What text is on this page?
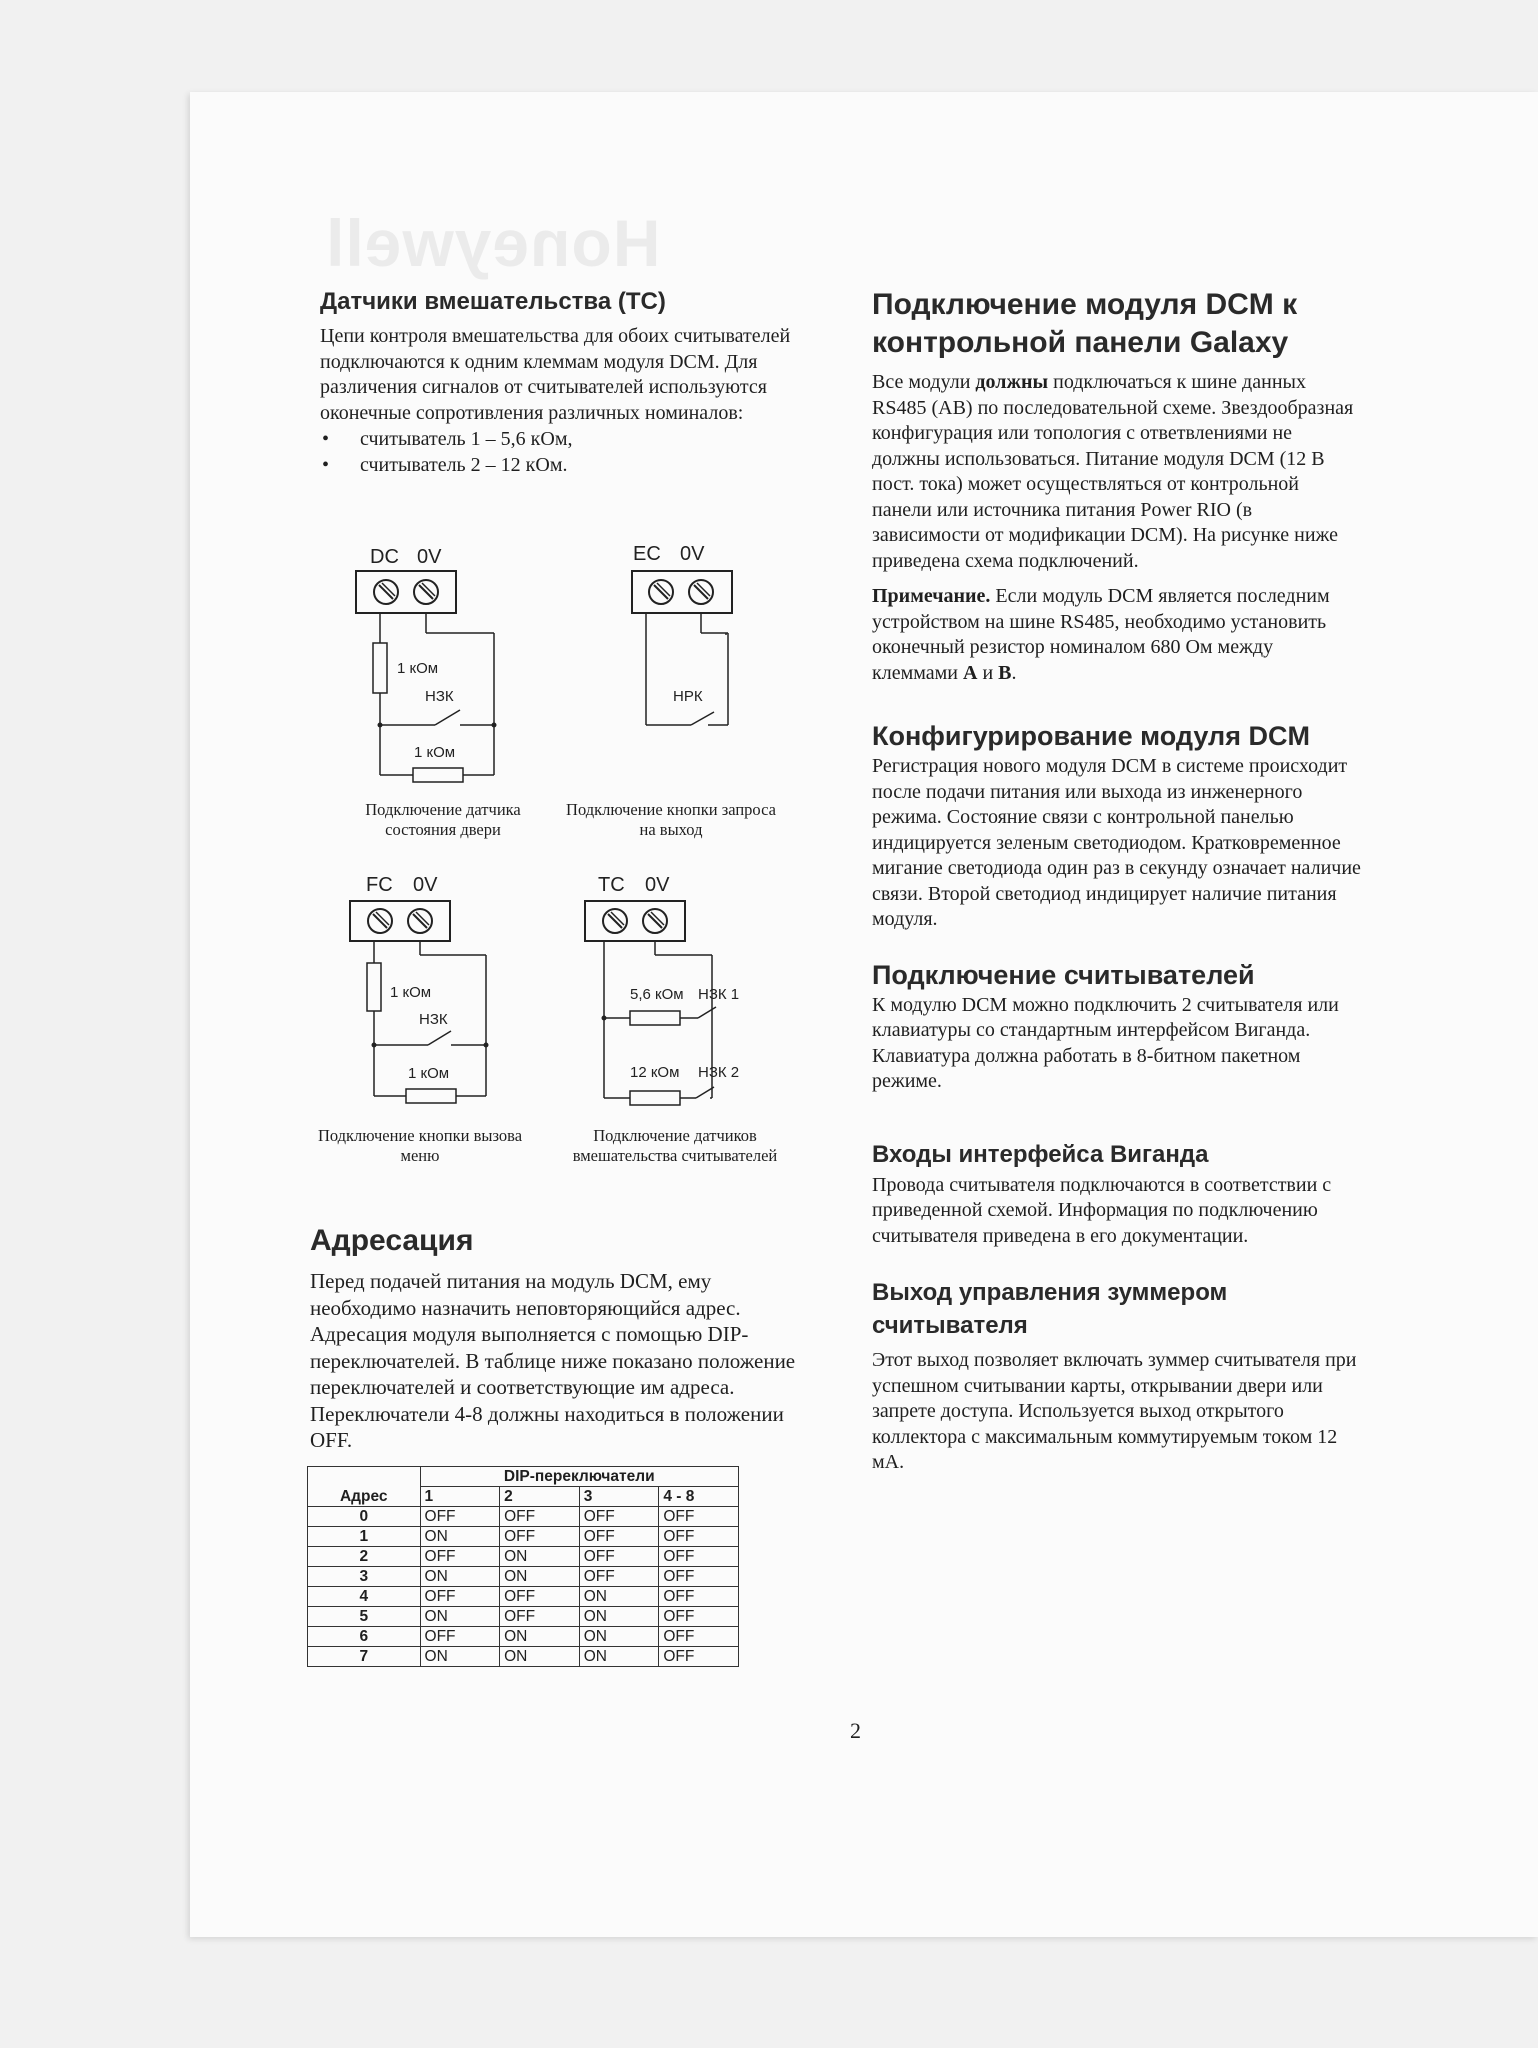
Honeywell
Датчики вмешательства (ТС)

Цепи контроля вмешательства для обоих считывателей подключаются к одним клеммам модуля DCM. Для различения сигналов от считывателей используются оконечные сопротивления различных номиналов:

• считыватель 1 – 5,6 кОм,
• считыватель 2 – 12 кОм.
DC 0V
1 кОм
НЗК
1 кОм
Подключение датчика состояния двери
EC 0V
НРК
Подключение кнопки запроса на выход
FC 0V
1 кОм
НЗК
1 кОм
Подключение кнопки вызова меню
TC 0V
5,6 кОм НЗК 1
12 кОм НЗК 2
Подключение датчиков вмешательства считывателей
Адресация

Перед подачей питания на модуль DCM, ему необходимо назначить неповторяющийся адрес. Адресация модуля выполняется с помощью DIP-переключателей. В таблице ниже показано положение переключателей и соответствующие им адреса. Переключатели 4-8 должны находиться в положении OFF.

	DIP-переключатели			
Адрес	1	2	3	4 - 8
0	OFF	OFF	OFF	OFF
1	ON	OFF	OFF	OFF
2	OFF	ON	OFF	OFF
3	ON	ON	OFF	OFF
4	OFF	OFF	ON	OFF
5	ON	OFF	ON	OFF
6	OFF	ON	ON	OFF
7	ON	ON	ON	OFF
Подключение модуля DCM к контрольной панели Galaxy

Все модули должны подключаться к шине данных RS485 (AB) по последовательной схеме. Звездообразная конфигурация или топология с ответвлениями не должны использоваться. Питание модуля DCM (12 В пост. тока) может осуществляться от контрольной панели или источника питания Power RIO (в зависимости от модификации DCM). На рисунке ниже приведена схема подключений.

Примечание. Если модуль DCM является последним устройством на шине RS485, необходимо установить оконечный резистор номиналом 680 Ом между клеммами A и B.

Конфигурирование модуля DCM

Регистрация нового модуля DCM в системе происходит после подачи питания или выхода из инженерного режима. Состояние связи с контрольной панелью индицируется зеленым светодиодом. Кратковременное мигание светодиода один раз в секунду означает наличие связи. Второй светодиод индицирует наличие питания модуля.

Подключение считывателей

К модулю DCM можно подключить 2 считывателя или клавиатуры со стандартным интерфейсом Виганда. Клавиатура должна работать в 8-битном пакетном режиме.

Входы интерфейса Виганда

Провода считывателя подключаются в соответствии с приведенной схемой. Информация по подключению считывателя приведена в его документации.

Выход управления зуммером считывателя

Этот выход позволяет включать зуммер считывателя при успешном считывании карты, открывании двери или запрете доступа. Используется выход открытого коллектора с максимальным коммутируемым током 12 мА.

2
